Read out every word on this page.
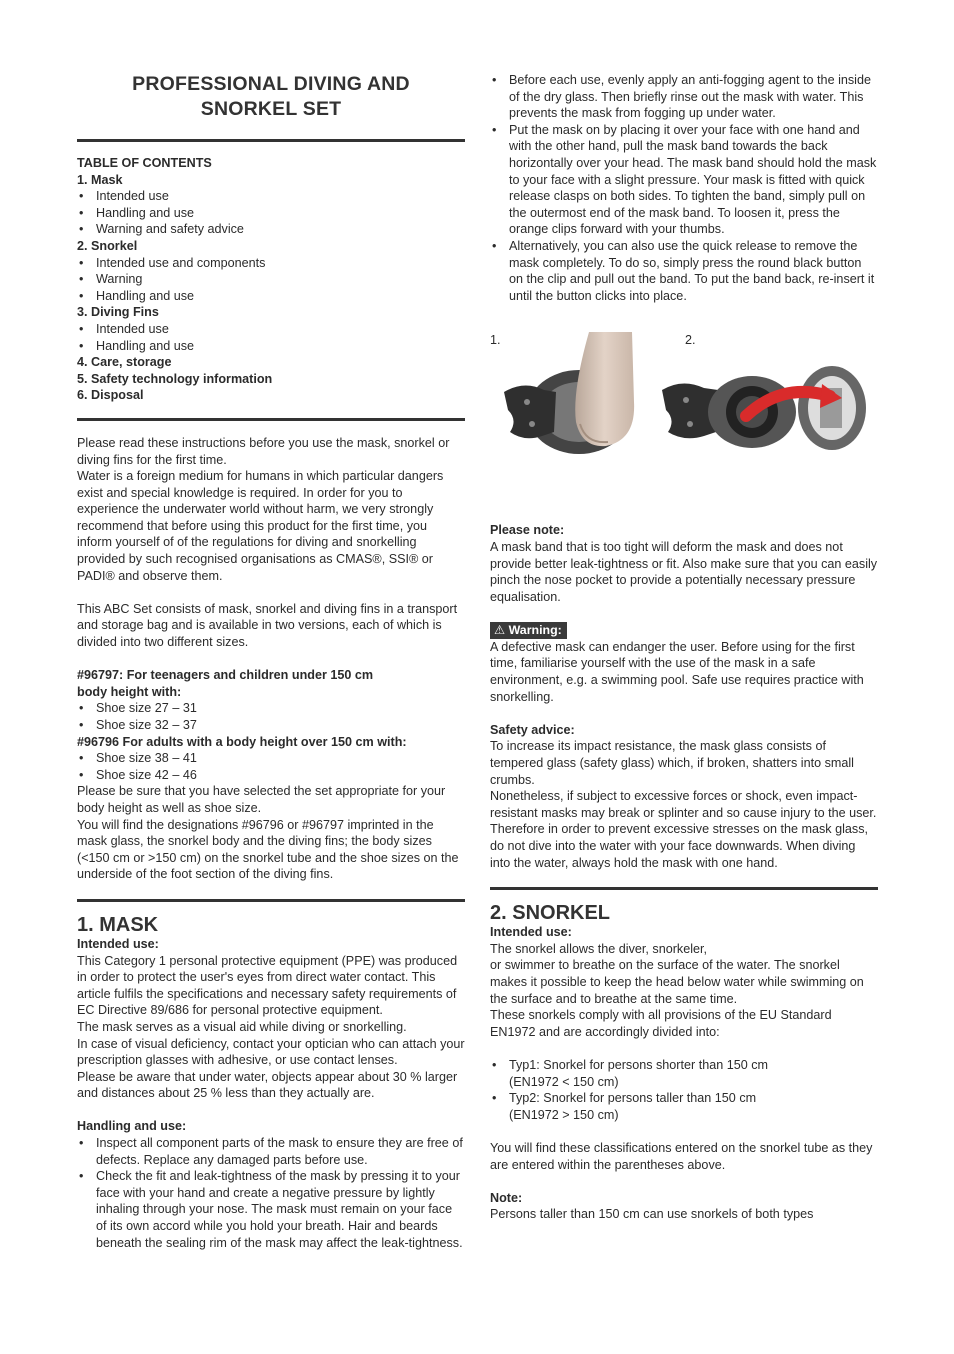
PROFESSIONAL DIVING AND
SNORKEL SET
TABLE OF CONTENTS
1. Mask
• Intended use
• Handling and use
• Warning and safety advice
2. Snorkel
• Intended use and components
• Warning
• Handling and use
3. Diving Fins
• Intended use
• Handling and use
4. Care, storage
5. Safety technology information
6. Disposal

Please read these instructions before you use the mask, snorkel or diving fins for the first time.

Water is a foreign medium for humans in which particular dangers exist and special knowledge is required. In order for you to experience the underwater world without harm, we very strongly recommend that before using this product for the first time, you inform yourself of of the regulations for diving and snorkelling provided by such recognised organisations as CMAS®, SSI® or PADI® and observe them.

This ABC Set consists of mask, snorkel and diving fins in a transport and storage bag and is available in two versions, each of which is divided into two different sizes.

#96797: For teenagers and children under 150 cm
body height with:
• Shoe size 27 – 31
• Shoe size 32 – 37
#96796 For adults with a body height over 150 cm with:
• Shoe size 38 – 41
• Shoe size 42 – 46

Please be sure that you have selected the set appropriate for your body height as well as shoe size.

You will find the designations #96796 or #96797 imprinted in the mask glass, the snorkel body and the diving fins; the body sizes (<150 cm or >150 cm) on the snorkel tube and the shoe sizes on the underside of the foot section of the diving fins.

1. MASK
Intended use:

This Category 1 personal protective equipment (PPE) was produced in order to protect the user's eyes from direct water contact. This article fulfils the specifications and necessary safety requirements of EC Directive 89/686 for personal protective equipment.

The mask serves as a visual aid while diving or snorkelling.

In case of visual deficiency, contact your optician who can attach your prescription glasses with adhesive, or use contact lenses.

Please be aware that under water, objects appear about 30 % larger and distances about 25 % less than they actually are.

Handling and use:
• Inspect all component parts of the mask to ensure they are free of defects. Replace any damaged parts before use.
• Check the fit and leak-tightness of the mask by pressing it to your face with your hand and create a negative pressure by lightly inhaling through your nose. The mask must remain on your face of its own accord while you hold your breath. Hair and beards beneath the sealing rim of the mask may affect the leak-tightness.
• Before each use, evenly apply an anti-fogging agent to the inside of the dry glass. Then briefly rinse out the mask with water. This prevents the mask from fogging up under water.
• Put the mask on by placing it over your face with one hand and with the other hand, pull the mask band towards the back horizontally over your head. The mask band should hold the mask to your face with a slight pressure. Your mask is fitted with quick release clasps on both sides. To tighten the band, simply pull on the outermost end of the mask band. To loosen it, press the orange clips forward with your thumbs.
• Alternatively, you can also use the quick release to remove the mask completely. To do so, simply press the round black button on the clip and pull out the band. To put the band back, re-insert it until the button clicks into place.
1.	2.
Please note:

A mask band that is too tight will deform the mask and does not provide better leak-tightness or fit. Also make sure that you can easily pinch the nose pocket to provide a potentially necessary pressure equalisation.

⚠ Warning:

A defective mask can endanger the user. Before using for the first time, familiarise yourself with the use of the mask in a safe environment, e.g. a swimming pool. Safe use requires practice with snorkelling.

Safety advice:

To increase its impact resistance, the mask glass consists of tempered glass (safety glass) which, if broken, shatters into small crumbs.

Nonetheless, if subject to excessive forces or shock, even impact-resistant masks may break or splinter and so cause injury to the user. Therefore in order to prevent excessive stresses on the mask glass, do not dive into the water with your face downwards. When diving into the water, always hold the mask with one hand.

2. SNORKEL
Intended use:

The snorkel allows the diver, snorkeler,

or swimmer to breathe on the surface of the water. The snorkel makes it possible to keep the head below water while swimming on the surface and to breathe at the same time.

These snorkels comply with all provisions of the EU Standard EN1972 and are accordingly divided into:

• Typ1: Snorkel for persons shorter than 150 cm
(EN1972 < 150 cm)
• Typ2: Snorkel for persons taller than 150 cm
(EN1972 > 150 cm)

You will find these classifications entered on the snorkel tube as they are entered within the parentheses above.

Note:

Persons taller than 150 cm can use snorkels of both types
